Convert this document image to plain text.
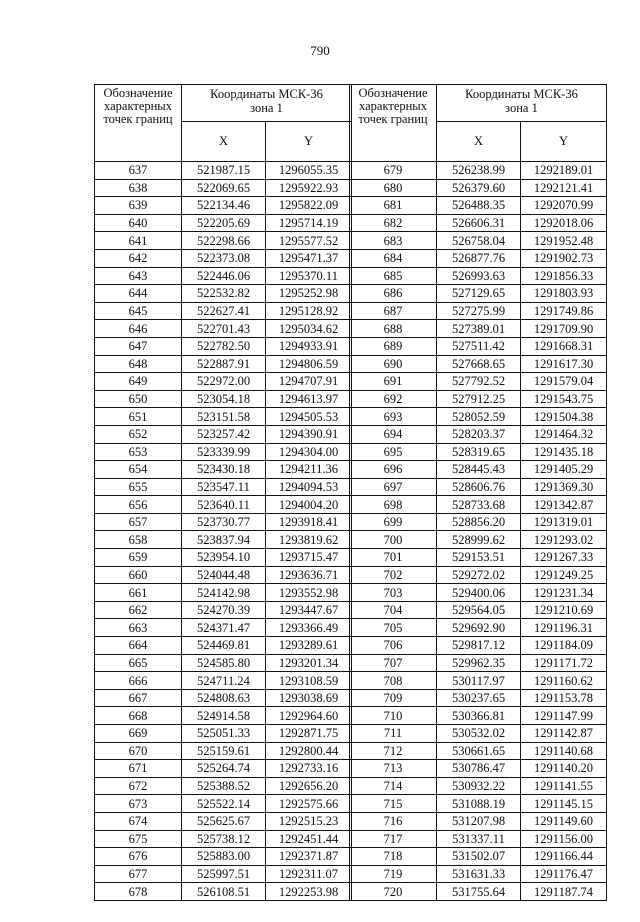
790
Обозначение характерных точек границ	Координаты МСК-36
зона 1	
	X	Y
637	521987.15	1296055.35
638	522069.65	1295922.93
639	522134.46	1295822.09
640	522205.69	1295714.19
641	522298.66	1295577.52
642	522373.08	1295471.37
643	522446.06	1295370.11
644	522532.82	1295252.98
645	522627.41	1295128.92
646	522701.43	1295034.62
647	522782.50	1294933.91
648	522887.91	1294806.59
649	522972.00	1294707.91
650	523054.18	1294613.97
651	523151.58	1294505.53
652	523257.42	1294390.91
653	523339.99	1294304.00
654	523430.18	1294211.36
655	523547.11	1294094.53
656	523640.11	1294004.20
657	523730.77	1293918.41
658	523837.94	1293819.62
659	523954.10	1293715.47
660	524044.48	1293636.71
661	524142.98	1293552.98
662	524270.39	1293447.67
663	524371.47	1293366.49
664	524469.81	1293289.61
665	524585.80	1293201.34
666	524711.24	1293108.59
667	524808.63	1293038.69
668	524914.58	1292964.60
669	525051.33	1292871.75
670	525159.61	1292800.44
671	525264.74	1292733.16
672	525388.52	1292656.20
673	525522.14	1292575.66
674	525625.67	1292515.23
675	525738.12	1292451.44
676	525883.00	1292371.87
677	525997.51	1292311.07
678	526108.51	1292253.98
Обозначение характерных точек границ	Координаты МСК-36
зона 1	
	X	Y
679	526238.99	1292189.01
680	526379.60	1292121.41
681	526488.35	1292070.99
682	526606.31	1292018.06
683	526758.04	1291952.48
684	526877.76	1291902.73
685	526993.63	1291856.33
686	527129.65	1291803.93
687	527275.99	1291749.86
688	527389.01	1291709.90
689	527511.42	1291668.31
690	527668.65	1291617.30
691	527792.52	1291579.04
692	527912.25	1291543.75
693	528052.59	1291504.38
694	528203.37	1291464.32
695	528319.65	1291435.18
696	528445.43	1291405.29
697	528606.76	1291369.30
698	528733.68	1291342.87
699	528856.20	1291319.01
700	528999.62	1291293.02
701	529153.51	1291267.33
702	529272.02	1291249.25
703	529400.06	1291231.34
704	529564.05	1291210.69
705	529692.90	1291196.31
706	529817.12	1291184.09
707	529962.35	1291171.72
708	530117.97	1291160.62
709	530237.65	1291153.78
710	530366.81	1291147.99
711	530532.02	1291142.87
712	530661.65	1291140.68
713	530786.47	1291140.20
714	530932.22	1291141.55
715	531088.19	1291145.15
716	531207.98	1291149.60
717	531337.11	1291156.00
718	531502.07	1291166.44
719	531631.33	1291176.47
720	531755.64	1291187.74
